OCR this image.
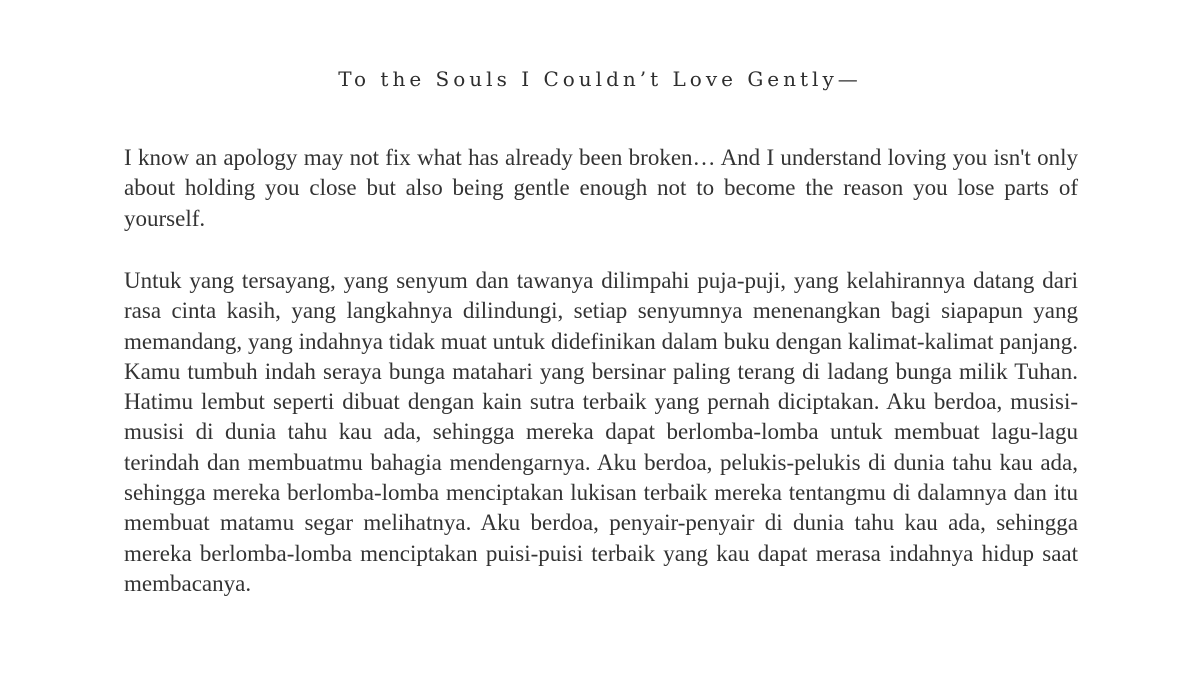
To the Souls I Couldn’t Love Gently—

I know an apology may not fix what has already been broken… And I understand loving you isn't only about holding you close but also being gentle enough not to become the reason you lose parts of yourself.

Untuk yang tersayang, yang senyum dan tawanya dilimpahi puja-puji, yang kelahirannya datang dari rasa cinta kasih, yang langkahnya dilindungi, setiap senyumnya menenangkan bagi siapapun yang memandang, yang indahnya tidak muat untuk didefinikan dalam buku dengan kalimat-kalimat panjang. Kamu tumbuh indah seraya bunga matahari yang bersinar paling terang di ladang bunga milik Tuhan. Hatimu lembut seperti dibuat dengan kain sutra terbaik yang pernah diciptakan. Aku berdoa, musisi-musisi di dunia tahu kau ada, sehingga mereka dapat berlomba-lomba untuk membuat lagu-lagu terindah dan membuatmu bahagia mendengarnya. Aku berdoa, pelukis-pelukis di dunia tahu kau ada, sehingga mereka berlomba-lomba menciptakan lukisan terbaik mereka tentangmu di dalamnya dan itu membuat matamu segar melihatnya. Aku berdoa, penyair-penyair di dunia tahu kau ada, sehingga mereka berlomba-lomba menciptakan puisi-puisi terbaik yang kau dapat merasa indahnya hidup saat membacanya.
